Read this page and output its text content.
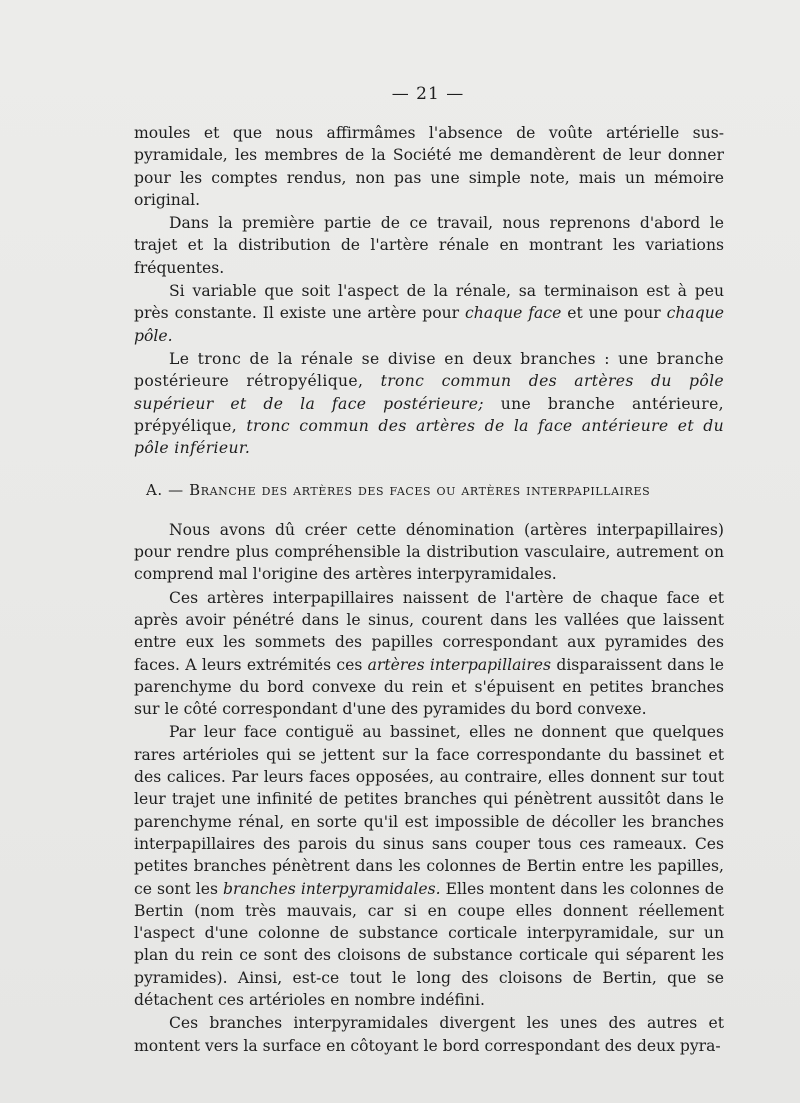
— 21 —

moules et que nous affirmâmes l'absence de voûte artérielle sus-pyramidale, les membres de la Société me demandèrent de leur donner pour les comptes rendus, non pas une simple note, mais un mémoire original.

Dans la première partie de ce travail, nous reprenons d'abord le trajet et la distribution de l'artère rénale en montrant les variations fréquentes.

Si variable que soit l'aspect de la rénale, sa terminaison est à peu près constante. Il existe une artère pour chaque face et une pour chaque pôle.

Le tronc de la rénale se divise en deux branches : une branche postérieure rétropyélique, tronc commun des artères du pôle supérieur et de la face postérieure; une branche antérieure, prépyélique, tronc commun des artères de la face antérieure et du pôle inférieur.

A. — Branche des artères des faces ou artères interpapillaires

Nous avons dû créer cette dénomination (artères interpapillaires) pour rendre plus compréhensible la distribution vasculaire, autrement on comprend mal l'origine des artères interpyramidales.

Ces artères interpapillaires naissent de l'artère de chaque face et après avoir pénétré dans le sinus, courent dans les vallées que laissent entre eux les sommets des papilles correspondant aux pyramides des faces. A leurs extrémités ces artères interpapillaires disparaissent dans le parenchyme du bord convexe du rein et s'épuisent en petites branches sur le côté correspondant d'une des pyramides du bord convexe.

Par leur face contiguë au bassinet, elles ne donnent que quelques rares artérioles qui se jettent sur la face correspondante du bassinet et des calices. Par leurs faces opposées, au contraire, elles donnent sur tout leur trajet une infinité de petites branches qui pénètrent aussitôt dans le parenchyme rénal, en sorte qu'il est impossible de décoller les branches interpapillaires des parois du sinus sans couper tous ces rameaux. Ces petites branches pénètrent dans les colonnes de Bertin entre les papilles, ce sont les branches interpyramidales. Elles montent dans les colonnes de Bertin (nom très mauvais, car si en coupe elles donnent réellement l'aspect d'une colonne de substance corticale interpyramidale, sur un plan du rein ce sont des cloisons de substance corticale qui séparent les pyramides). Ainsi, est-ce tout le long des cloisons de Bertin, que se détachent ces artérioles en nombre indéfini.

Ces branches interpyramidales divergent les unes des autres et montent vers la surface en côtoyant le bord correspondant des deux pyra-
